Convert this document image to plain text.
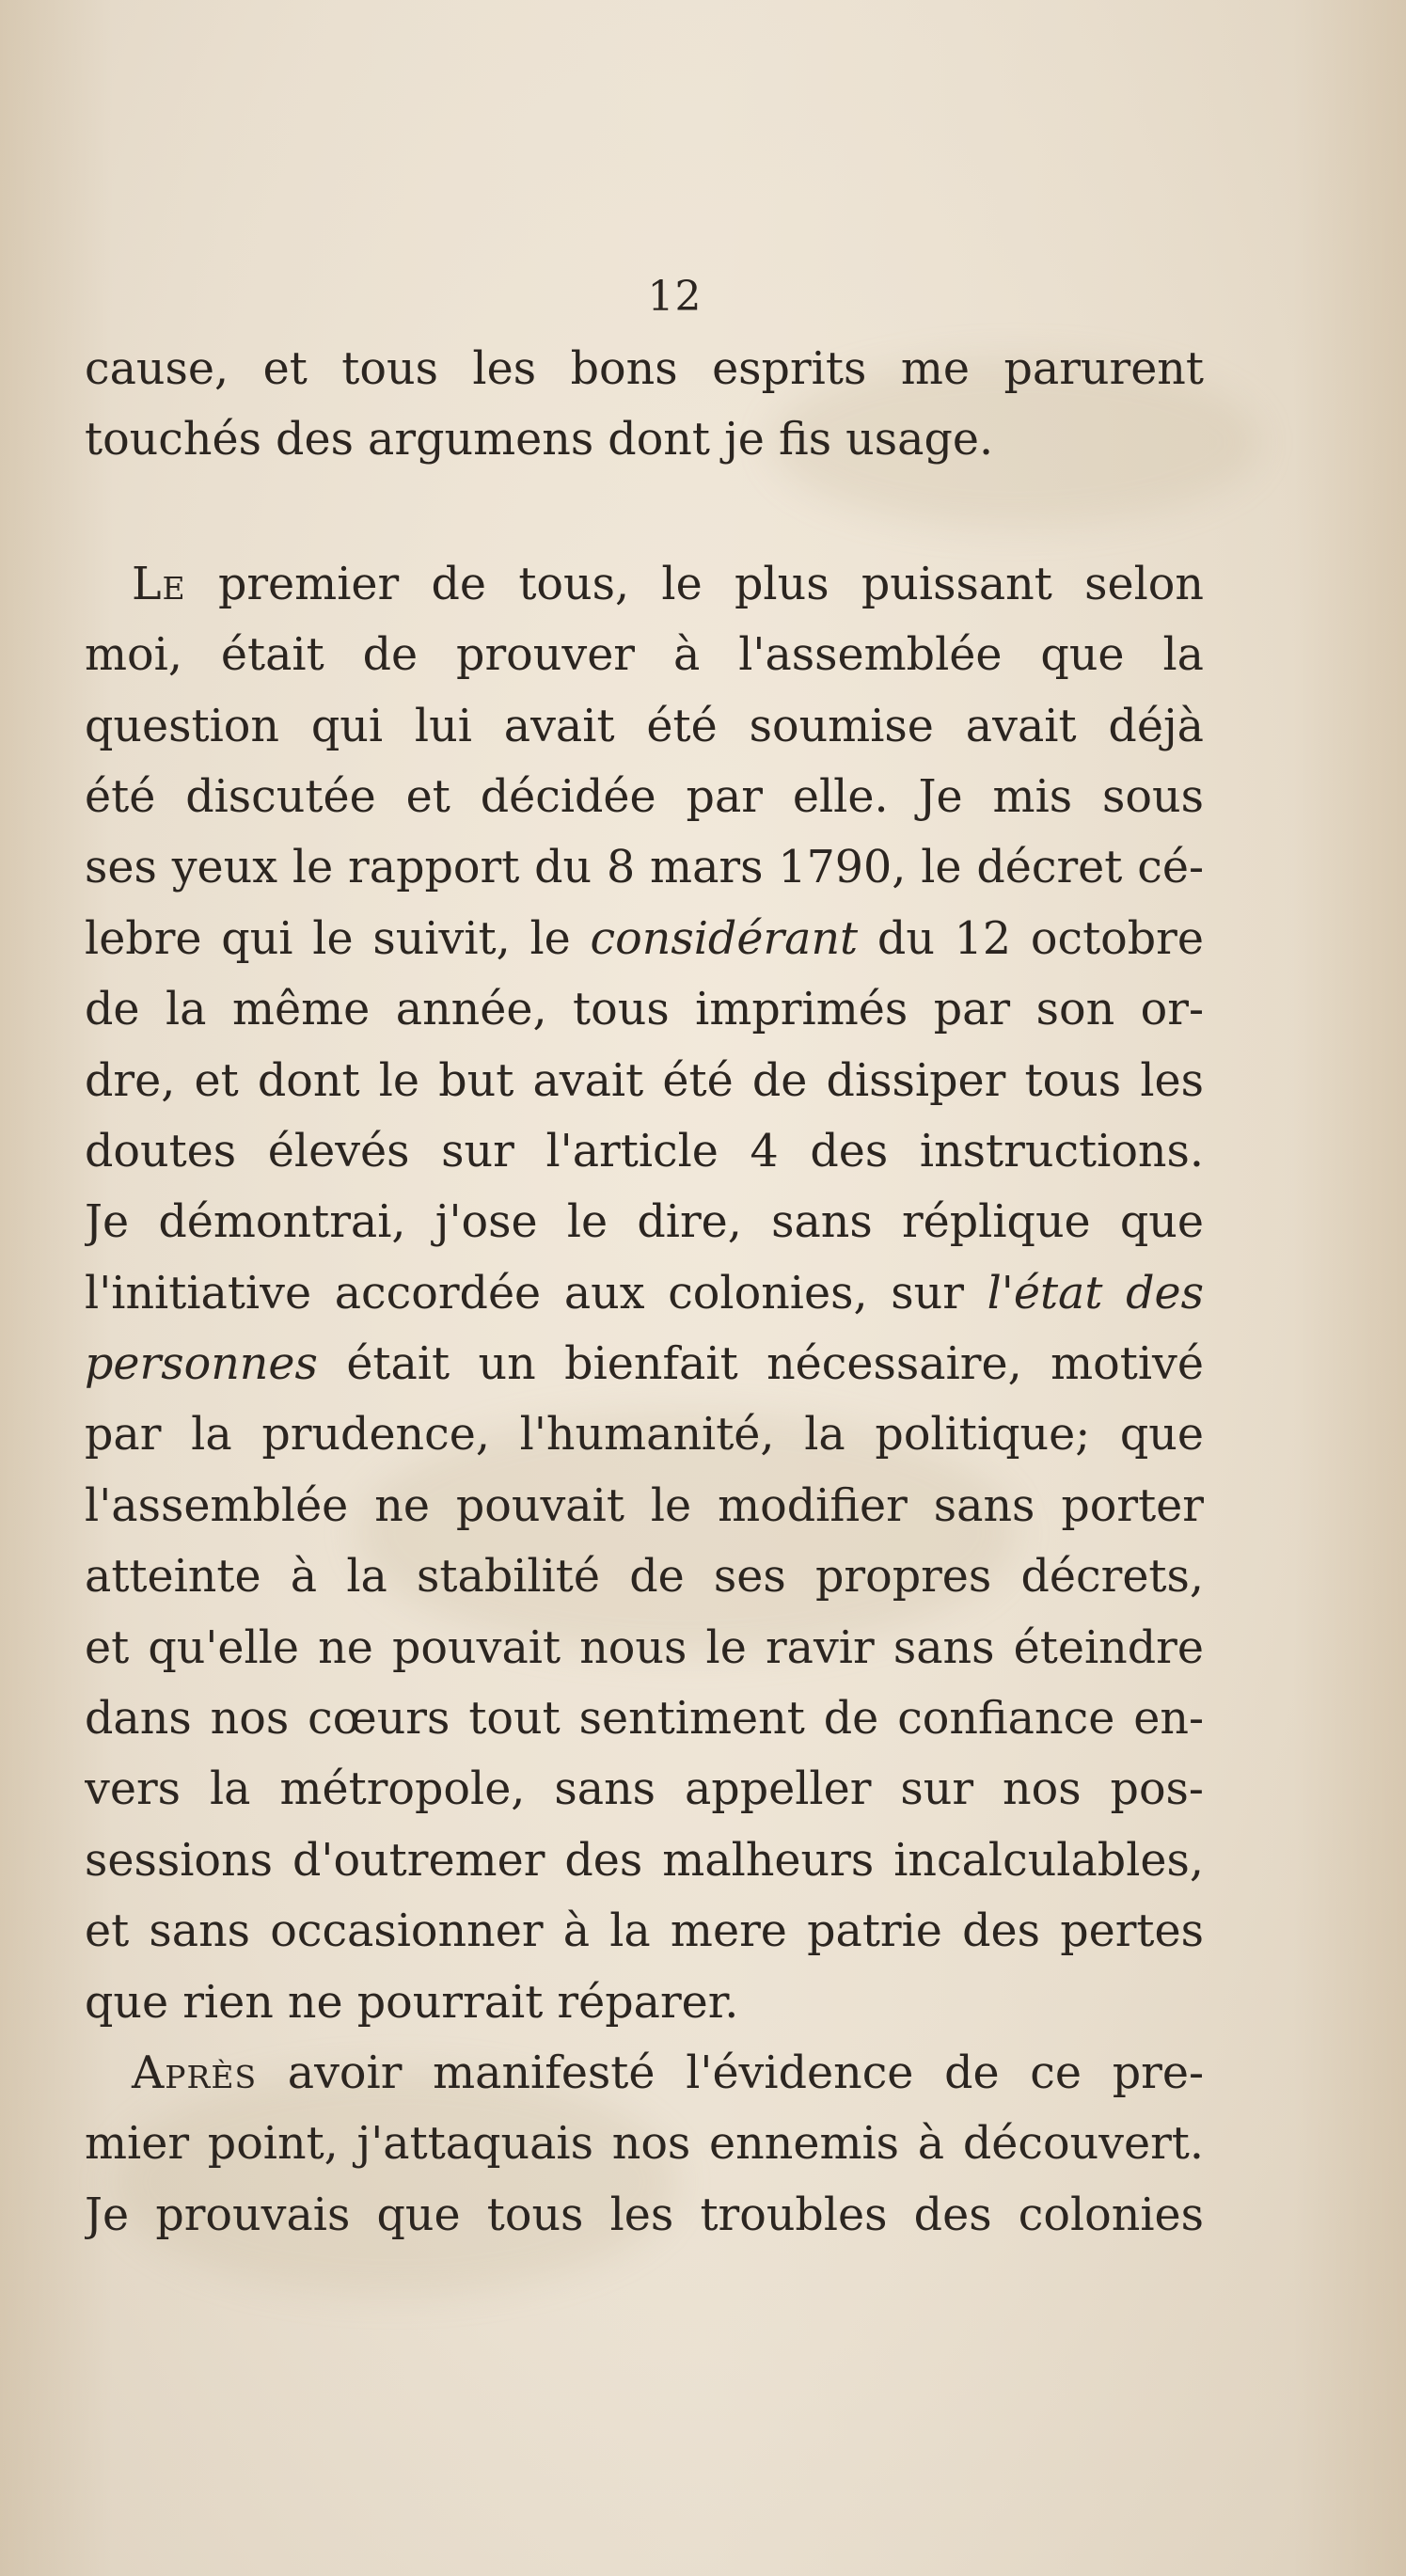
12
cause, et tous les bons esprits me parurent
touchés des argumens dont je fis usage.
Le premier de tous, le plus puissant selon
moi, était de prouver à l'assemblée que la
question qui lui avait été soumise avait déjà
été discutée et décidée par elle. Je mis sous
ses yeux le rapport du 8 mars 1790, le décret cé-
lebre qui le suivit, le considérant du 12 octobre
de la même année, tous imprimés par son or-
dre, et dont le but avait été de dissiper tous les
doutes élevés sur l'article 4 des instructions.
Je démontrai, j'ose le dire, sans réplique que
l'initiative accordée aux colonies, sur l'état des
personnes était un bienfait nécessaire, motivé
par la prudence, l'humanité, la politique; que
l'assemblée ne pouvait le modifier sans porter
atteinte à la stabilité de ses propres décrets,
et qu'elle ne pouvait nous le ravir sans éteindre
dans nos cœurs tout sentiment de confiance en-
vers la métropole, sans appeller sur nos pos-
sessions d'outremer des malheurs incalculables,
et sans occasionner à la mere patrie des pertes
que rien ne pourrait réparer.
Après avoir manifesté l'évidence de ce pre-
mier point, j'attaquais nos ennemis à découvert.
Je prouvais que tous les troubles des colonies
